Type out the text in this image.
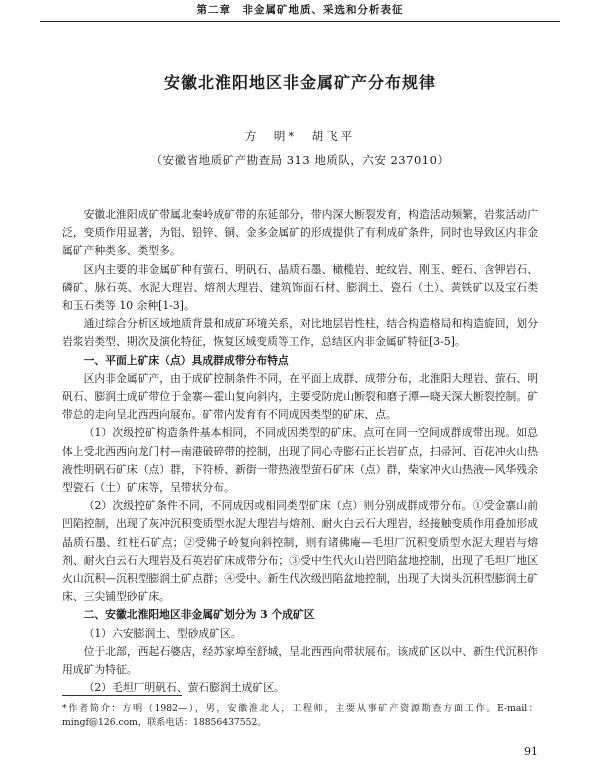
第二章　非金属矿地质、采选和分析表征
安徽北淮阳地区非金属矿产分布规律
方　明*　胡飞平
（安徽省地质矿产勘查局 313 地质队，六安 237010）

安徽北淮阳成矿带属北秦岭成矿带的东延部分，带内深大断裂发育，构造活动频繁，岩浆活动广泛，变质作用显著，为铝、铅锌、铜、金多金属矿的形成提供了有利成矿条件，同时也导致区内非金属矿产种类多、类型多。

区内主要的非金属矿种有萤石、明矾石、晶质石墨、橄榄岩、蛇纹岩、刚玉、蛭石、含钾岩石、磷矿、脉石英、水泥大理岩、熔剂大理岩、建筑饰面石材、膨润土、瓷石（土）、黄铁矿以及宝石类和玉石类等 10 余种[1-3]。

通过综合分析区域地质背景和成矿环境关系，对比地层岩性柱，结合构造格局和构造旋回，划分岩浆岩类型、期次及演化特征，恢复区域变质等工作，总结区内非金属矿特征[3-5]。

一、平面上矿床（点）具成群成带分布特点

区内非金属矿产，由于成矿控制条件不同，在平面上成群、成带分布，北淮阳大理岩、萤石、明矾石、膨润土成矿带位于金寨—霍山复向斜内，主要受防虎山断裂和磨子潭—晓天深大断裂控制。矿带总的走向呈北西西向展布。矿带内发育有不同成因类型的矿床、点。

（1）次级控矿构造条件基本相同，不同成因类型的矿床、点可在同一空间成群成带出现。如总体上受北西西向龙门村—南港破碎带的控制，出现了同心寺膨石正长岩矿点，扫帚河、百花冲火山热液性明矾石矿床（点）群，下符桥、新街一带热液型萤石矿床（点）群，柴家冲火山热液—风华残余型瓷石（土）矿床等，呈带状分布。

（2）次级控矿条件不同，不同成因或相同类型矿床（点）则分别成群成带分布。①受金寨山前凹陷控制，出现了灰冲沉积变质型水泥大理岩与熔剂、耐火白云石大理岩，经接触变质作用叠加形成晶质石墨、红柱石矿点；②受佛子岭复向斜控制，则有诸佛庵—毛坦厂沉积变质型水泥大理岩与熔剂、耐火白云石大理岩及石英岩矿床成带分布；③受中生代火山岩凹陷盆地控制，出现了毛坦厂地区火山沉积—沉积型膨润土矿点群；④受中、新生代次级凹陷盆地控制，出现了大岗头沉积型膨润土矿床、三尖铺型砂矿床。

二、安徽北淮阳地区非金属矿划分为 3 个成矿区

（1）六安膨润土、型砂成矿区。

位于北部，西起石婆店，经苏家埠至舒城，呈北西西向带状展布。该成矿区以中、新生代沉积作用成矿为特征。

（2）毛坦厂明矾石、萤石膨润土成矿区。

*作者简介：方明（1982—），男，安徽淮北人，工程师，主要从事矿产资源勘查方面工作。E-mail：mingf@126.com，联系电话：18856437552。
91
